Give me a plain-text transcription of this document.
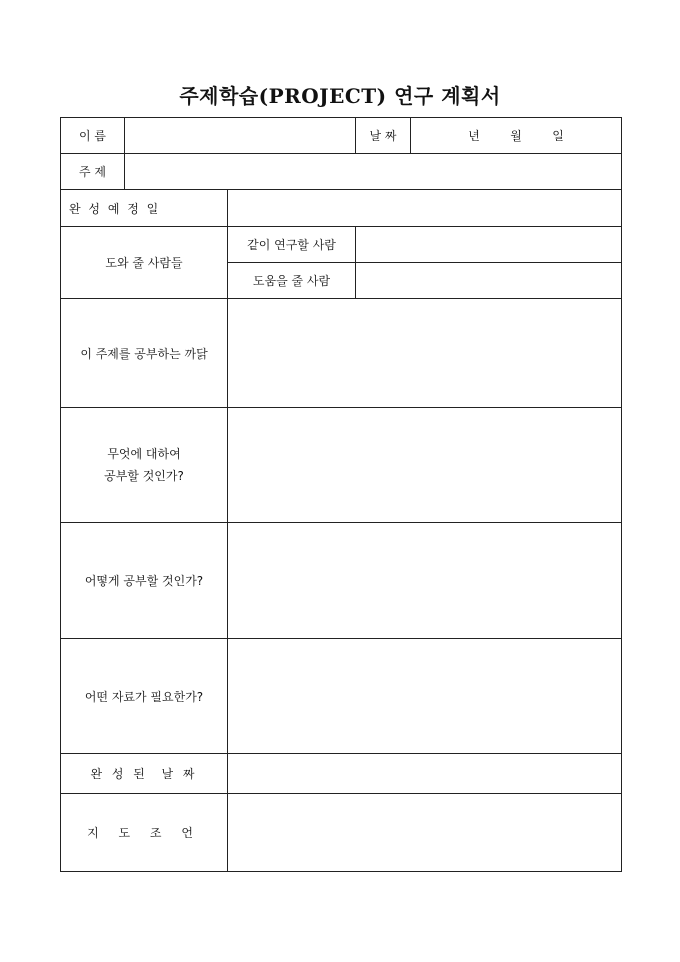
주제학습(PROJECT) 연구 계획서
이 름			날 짜	년 월 일
주 제				
완 성 예 정 일				
도와 줄 사람들		같이 연구할 사람		
		도움을 줄 사람		
이 주제를 공부하는 까닭				

무엇에 대하여
공부할 것인가?				

어떻게 공부할 것인가?				
어떤 자료가 필요한가?				
완 성 된  날 짜				
지 도 조 언				
